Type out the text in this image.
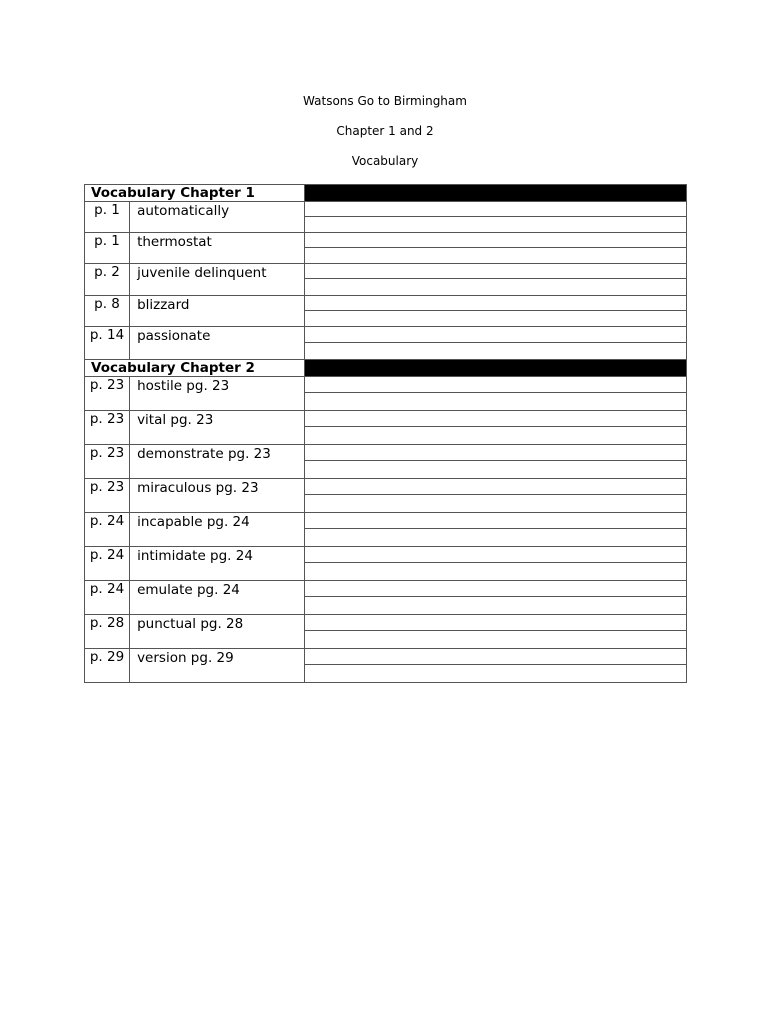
Watsons Go to Birmingham
Chapter 1 and 2
Vocabulary
Vocabulary Chapter 1		
p. 1	automatically	

p. 1	thermostat	

p. 2	juvenile delinquent	

p. 8	blizzard	

p. 14	passionate	

Vocabulary Chapter 2		
p. 23	hostile pg. 23	

p. 23	vital pg. 23	

p. 23	demonstrate pg. 23	

p. 23	miraculous pg. 23	

p. 24	incapable pg. 24	

p. 24	intimidate pg. 24	

p. 24	emulate pg. 24	

p. 28	punctual pg. 28	

p. 29	version pg. 29	
